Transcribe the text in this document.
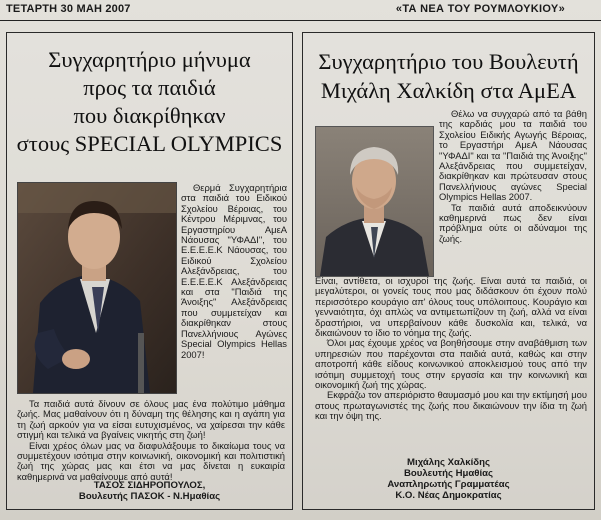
ΤΕΤΑΡΤΗ 30 ΜΑΗ 2007	«ΤΑ ΝΕΑ ΤΟΥ ΡΟΥΜΛΟΥΚΙΟΥ»
Συγχαρητήριο μήνυμα
προς τα παιδιά
που διακρίθηκαν
στους SPECIAL OLYMPICS

Θερμά Συγχαρητήρια στα παιδιά του Ειδικού Σχολείου Βέροιας, του Κέντρου Μέριμνας, του Εργαστηρίου ΑμεΑ Νάουσας "ΥΦΑΔΙ", του Ε.Ε.Ε.Ε.Κ Νάουσας, του Ειδικού Σχολείου Αλεξάνδρειας, του Ε.Ε.Ε.Ε.Κ Αλεξάνδρειας και στα "Παιδιά της Άνοιξης" Αλεξάνδρειας που συμμετείχαν και διακρίθηκαν στους Πανελλήνιους Αγώνες Special Olympics Hellas 2007!

Τα παιδιά αυτά δίνουν σε όλους μας ένα πολύτιμο μάθημα ζωής. Μας μαθαίνουν ότι η δύναμη της θέλησης και η αγάπη για τη ζωή αρκούν για να είσαι ευτυχισμένος, να χαίρεσαι την κάθε στιγμή και τελικά να βγαίνεις νικητής στη ζωή!

Είναι χρέος όλων μας να διαφυλάξουμε το δικαίωμα τους να συμμετέχουν ισότιμα στην κοινωνική, οικονομική και πολιτιστική ζωή της χώρας μας και έτσι να μας δίνεται η ευκαιρία καθημερινά να μαθαίνουμε από αυτά!

ΤΑΣΟΣ ΣΙΔΗΡΟΠΟΥΛΟΣ,
Βουλευτής ΠΑΣΟΚ - Ν.Ημαθίας
Συγχαρητήριο του Βουλευτή
Μιχάλη Χαλκίδη στα ΑμΕΑ

Θέλω να συγχαρώ από τα βάθη της καρδιάς μου τα παιδιά του Σχολείου Ειδικής Αγωγής Βέροιας, το Εργαστήρι ΑμεΑ Νάουσας "ΥΦΑΔΙ" και τα "Παιδιά της Άνοιξης" Αλεξάνδρειας που συμμετείχαν, διακρίθηκαν και πρώτευσαν στους Πανελλήνιους αγώνες Special Olympics Hellas 2007.

Τα παιδιά αυτά αποδεικνύουν καθημερινά πως δεν είναι πρόβλημα ούτε οι αδύναμοι της ζωής.

Είναι, αντίθετα, οι ισχυροί της ζωής. Είναι αυτά τα παιδιά, οι μεγαλύτεροι, οι γονείς τους που μας διδάσκουν ότι έχουν πολύ περισσότερο κουράγιο απ' όλους τους υπόλοιπους. Κουράγιο και γενναιότητα, όχι απλώς να αντιμετωπίζουν τη ζωή, αλλά να είναι δραστήριοι, να υπερβαίνουν κάθε δυσκολία και, τελικά, να δικαιώνουν το ίδιο το νόημα της ζωής.

Όλοι μας έχουμε χρέος να βοηθήσουμε στην αναβάθμιση των υπηρεσιών που παρέχονται στα παιδιά αυτά, καθώς και στην αποτροπή κάθε είδους κοινωνικού αποκλεισμού τους από την ισότιμη συμμετοχή τους στην εργασία και την κοινωνική και οικονομική ζωή της χώρας.

Εκφράζω τον απεριόριστο θαυμασμό μου και την εκτίμησή μου στους πρωταγωνιστές της ζωής που δικαιώνουν την ίδια τη ζωή και την όψη της.

Μιχάλης Χαλκίδης
Βουλευτής Ημαθίας
Αναπληρωτής Γραμματέας
Κ.Ο. Νέας Δημοκρατίας
